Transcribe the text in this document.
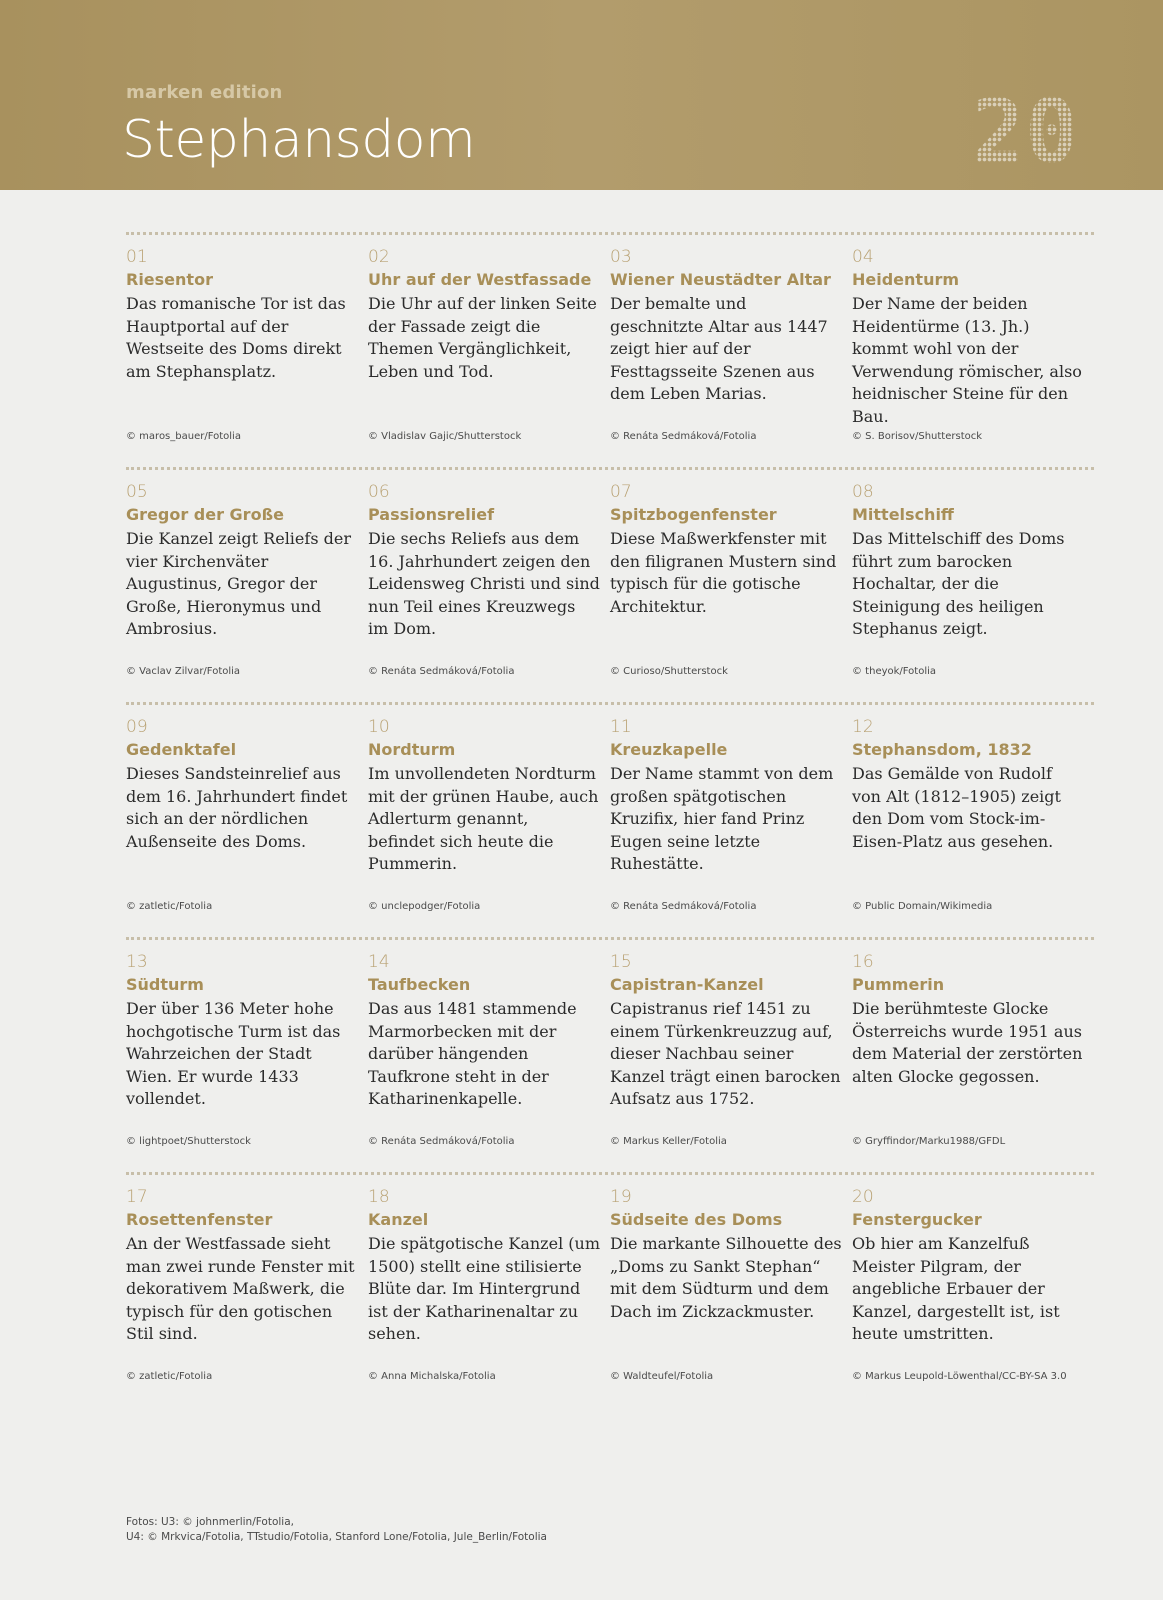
marken edition
Stephansdom	20
01
Riesentor
Das romanische Tor ist das Hauptportal auf der Westseite des Doms direkt am Stephansplatz.
© maros_bauer/Fotolia
02
Uhr auf der Westfassade
Die Uhr auf der linken Seite der Fassade zeigt die Themen Vergänglichkeit, Leben und Tod.
© Vladislav Gajic/Shutterstock
03
Wiener Neustädter Altar
Der bemalte und geschnitzte Altar aus 1447 zeigt hier auf der Festtagsseite Szenen aus dem Leben Marias.
© Renáta Sedmáková/Fotolia
04
Heidenturm
Der Name der beiden Heidentürme (13. Jh.) kommt wohl von der Verwendung römischer, also heidnischer Steine für den Bau.
© S. Borisov/Shutterstock
05
Gregor der Große
Die Kanzel zeigt Reliefs der vier Kirchenväter Augustinus, Gregor der Große, Hieronymus und Ambrosius.
© Vaclav Zilvar/Fotolia
06
Passionsrelief
Die sechs Reliefs aus dem 16. Jahrhundert zeigen den Leidensweg Christi und sind nun Teil eines Kreuzwegs im Dom.
© Renáta Sedmáková/Fotolia
07
Spitzbogenfenster
Diese Maßwerkfenster mit den filigranen Mustern sind typisch für die gotische Architektur.
© Curioso/Shutterstock
08
Mittelschiff
Das Mittelschiff des Doms führt zum barocken Hochaltar, der die Steinigung des heiligen Stephanus zeigt.
© theyok/Fotolia
09
Gedenktafel
Dieses Sandsteinrelief aus dem 16. Jahrhundert findet sich an der nördlichen Außenseite des Doms.
© zatletic/Fotolia
10
Nordturm
Im unvollendeten Nordturm mit der grünen Haube, auch Adlerturm genannt, befindet sich heute die Pummerin.
© unclepodger/Fotolia
11
Kreuzkapelle
Der Name stammt von dem großen spätgotischen Kruzifix, hier fand Prinz Eugen seine letzte Ruhestätte.
© Renáta Sedmáková/Fotolia
12
Stephansdom, 1832
Das Gemälde von Rudolf von Alt (1812–1905) zeigt den Dom vom Stock-im-Eisen-Platz aus gesehen.
© Public Domain/Wikimedia
13
Südturm
Der über 136 Meter hohe hochgotische Turm ist das Wahrzeichen der Stadt Wien. Er wurde 1433 vollendet.
© lightpoet/Shutterstock
14
Taufbecken
Das aus 1481 stammende Marmorbecken mit der darüber hängenden Taufkrone steht in der Katharinenkapelle.
© Renáta Sedmáková/Fotolia
15
Capistran-Kanzel
Capistranus rief 1451 zu einem Türkenkreuzzug auf, dieser Nachbau seiner Kanzel trägt einen barocken Aufsatz aus 1752.
© Markus Keller/Fotolia
16
Pummerin
Die berühmteste Glocke Österreichs wurde 1951 aus dem Material der zerstörten alten Glocke gegossen.
© Gryffindor/Marku1988/GFDL
17
Rosettenfenster
An der Westfassade sieht man zwei runde Fenster mit dekorativem Maßwerk, die typisch für den gotischen Stil sind.
© zatletic/Fotolia
18
Kanzel
Die spätgotische Kanzel (um 1500) stellt eine stilisierte Blüte dar. Im Hintergrund ist der Katharinenaltar zu sehen.
© Anna Michalska/Fotolia
19
Südseite des Doms
Die markante Silhouette des „Doms zu Sankt Stephan“ mit dem Südturm und dem Dach im Zickzackmuster.
© Waldteufel/Fotolia
20
Fenstergucker
Ob hier am Kanzelfuß Meister Pilgram, der angebliche Erbauer der Kanzel, dargestellt ist, ist heute umstritten.
© Markus Leupold-Löwenthal/CC-BY-SA 3.0
Fotos: U3: © johnmerlin/Fotolia,
U4: © Mrkvica/Fotolia, TTstudio/Fotolia, Stanford Lone/Fotolia, Jule_Berlin/Fotolia
